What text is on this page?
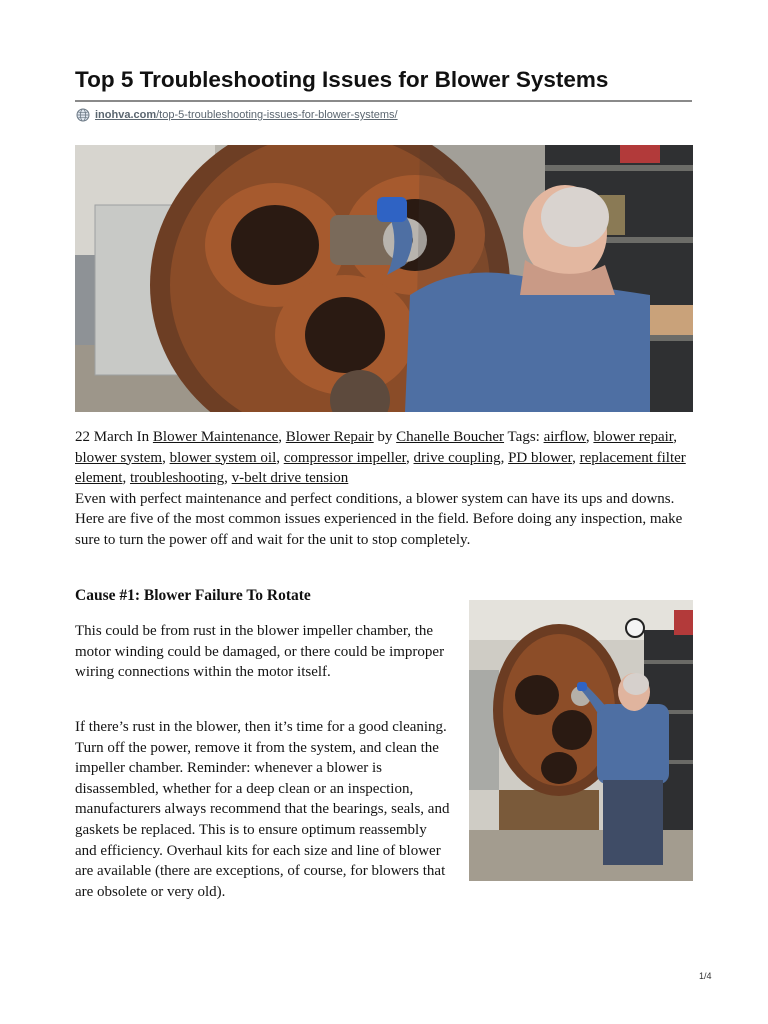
Top 5 Troubleshooting Issues for Blower Systems
inohva.com /top-5-troubleshooting-issues-for-blower-systems/

22 March In Blower Maintenance, Blower Repair by Chanelle Boucher Tags: airflow, blower repair, blower system, blower system oil, compressor impeller, drive coupling, PD blower, replacement filter element, troubleshooting, v-belt drive tension
Even with perfect maintenance and perfect conditions, a blower system can have its ups and downs. Here are five of the most common issues experienced in the field. Before doing any inspection, make sure to turn the power off and wait for the unit to stop completely.

Cause #1: Blower Failure To Rotate

This could be from rust in the blower impeller chamber, the motor winding could be damaged, or there could be improper wiring connections within the motor itself.

If there’s rust in the blower, then it’s time for a good cleaning. Turn off the power, remove it from the system, and clean the impeller chamber. Reminder: whenever a blower is disassembled, whether for a deep clean or an inspection, manufacturers always recommend that the bearings, seals, and gaskets be replaced. This is to ensure optimum reassembly and efficiency. Overhaul kits for each size and line of blower are available (there are exceptions, of course, for blowers that are obsolete or very old).

1/4
